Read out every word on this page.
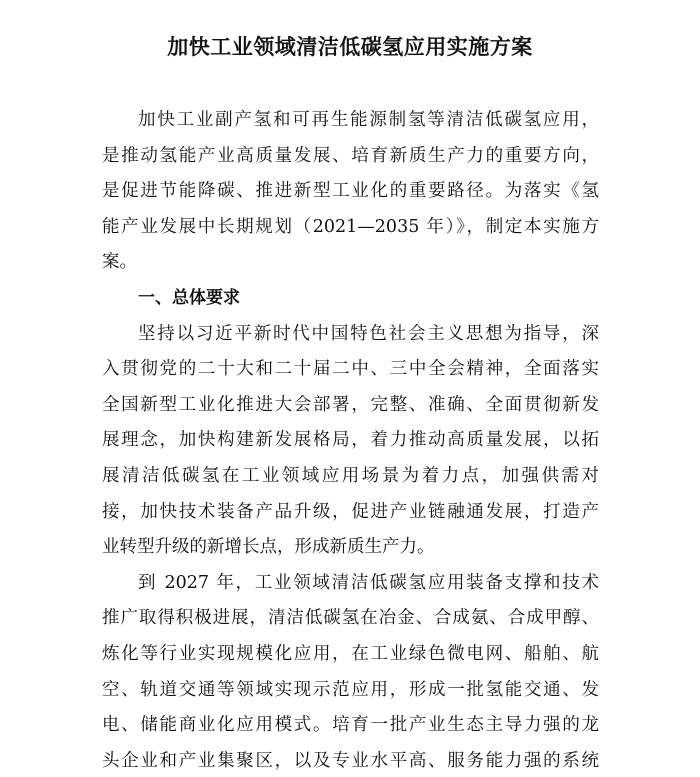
加快工业领域清洁低碳氢应用实施方案
加快工业副产氢和可再生能源制氢等清洁低碳氢应用，
是推动氢能产业高质量发展、培育新质生产力的重要方向，
是促进节能降碳、推进新型工业化的重要路径。为落实《氢
能产业发展中长期规划（2021—2035 年）》，制定本实施方
案。
一、总体要求
坚持以习近平新时代中国特色社会主义思想为指导，深
入贯彻党的二十大和二十届二中、三中全会精神，全面落实
全国新型工业化推进大会部署，完整、准确、全面贯彻新发
展理念，加快构建新发展格局，着力推动高质量发展，以拓
展清洁低碳氢在工业领域应用场景为着力点，加强供需对
接，加快技术装备产品升级，促进产业链融通发展，打造产
业转型升级的新增长点，形成新质生产力。
到 2027 年，工业领域清洁低碳氢应用装备支撑和技术
推广取得积极进展，清洁低碳氢在冶金、合成氨、合成甲醇、
炼化等行业实现规模化应用，在工业绿色微电网、船舶、航
空、轨道交通等领域实现示范应用，形成一批氢能交通、发
电、储能商业化应用模式。培育一批产业生态主导力强的龙
头企业和产业集聚区，以及专业水平高、服务能力强的系统
